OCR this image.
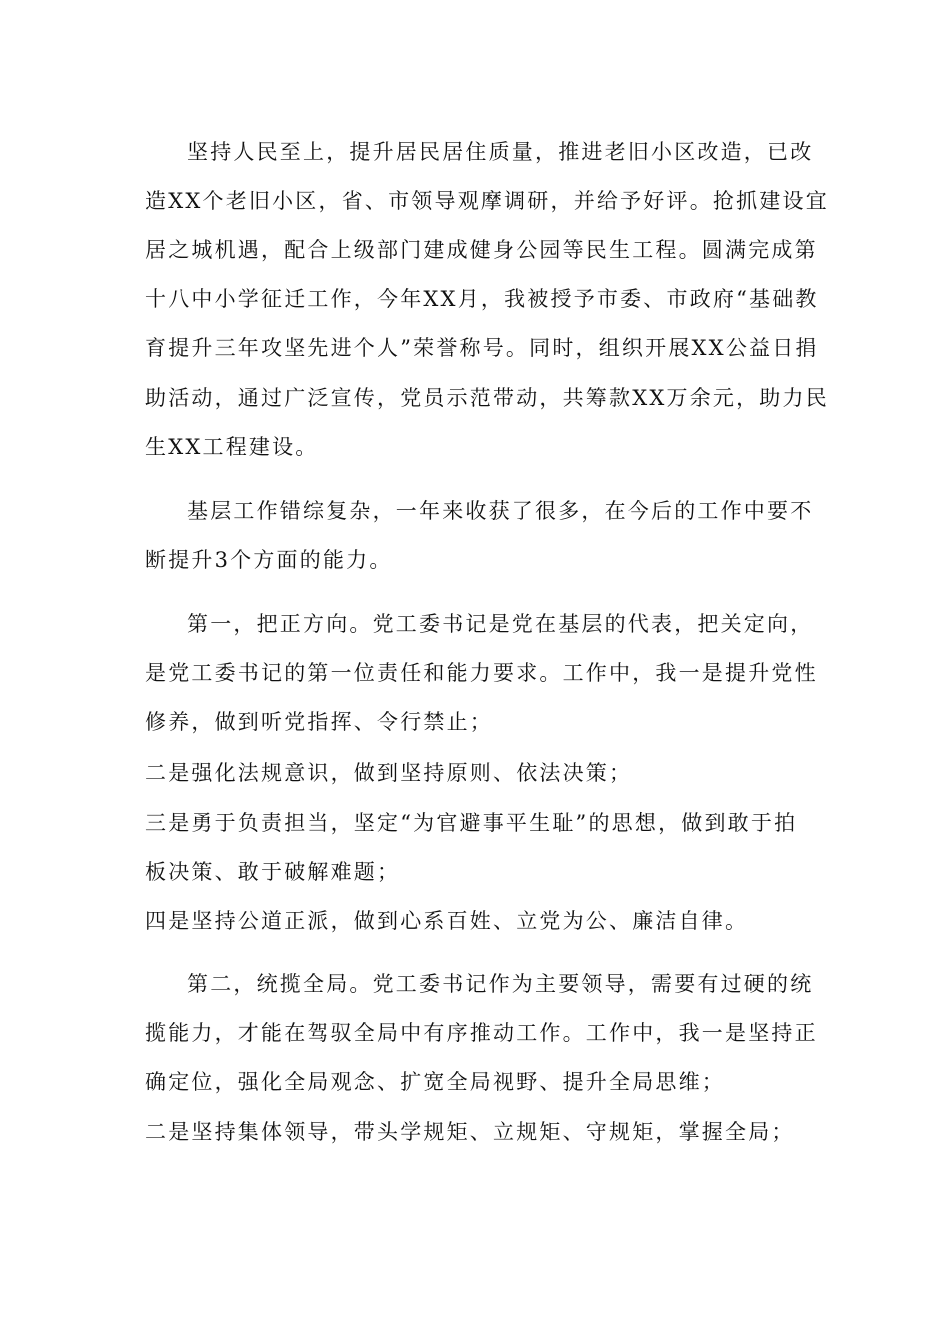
坚持人民至上，提升居民居住质量，推进老旧小区改造，已改
造XX个老旧小区，省、市领导观摩调研，并给予好评。抢抓建设宜
居之城机遇，配合上级部门建成健身公园等民生工程。圆满完成第
十八中小学征迁工作，今年XX月，我被授予市委、市政府“基础教
育提升三年攻坚先进个人”荣誉称号。同时，组织开展XX公益日捐
助活动，通过广泛宣传，党员示范带动，共筹款XX万余元，助力民
生XX工程建设。
基层工作错综复杂，一年来收获了很多，在今后的工作中要不
断提升3个方面的能力。
第一，把正方向。党工委书记是党在基层的代表，把关定向，
是党工委书记的第一位责任和能力要求。工作中，我一是提升党性
修养，做到听党指挥、令行禁止；
二是强化法规意识，做到坚持原则、依法决策；
三是勇于负责担当，坚定“为官避事平生耻”的思想，做到敢于拍
板决策、敢于破解难题；
四是坚持公道正派，做到心系百姓、立党为公、廉洁自律。
第二，统揽全局。党工委书记作为主要领导，需要有过硬的统
揽能力，才能在驾驭全局中有序推动工作。工作中，我一是坚持正
确定位，强化全局观念、扩宽全局视野、提升全局思维；
二是坚持集体领导，带头学规矩、立规矩、守规矩，掌握全局；
